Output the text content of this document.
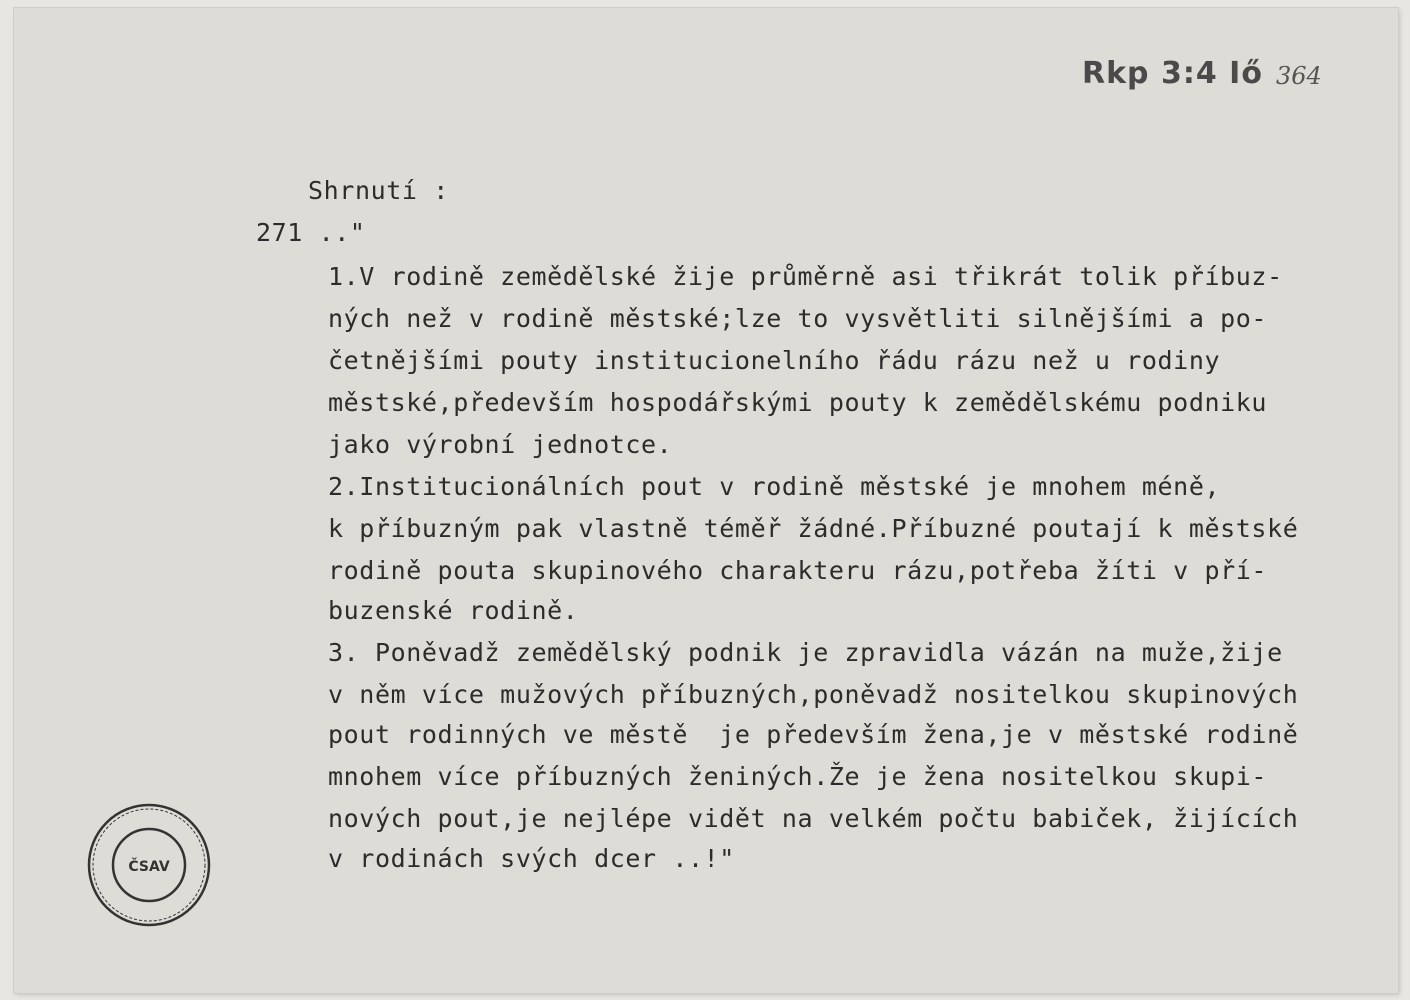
Rkp 3:4 Iő 364
Shrnutí :
271 .."
1.V rodině zemědělské žije průměrně asi třikrát tolik příbuz-
ných než v rodině městské;lze to vysvětliti silnějšími a po-
četnějšími pouty institucionelního řádu rázu než u rodiny
městské,především hospodářskými pouty k zemědělskému podniku
jako výrobní jednotce.
2.Institucionálních pout v rodině městské je mnohem méně,
k příbuzným pak vlastně téměř žádné.Příbuzné poutají k městské
rodině pouta skupinového charakteru rázu,potřeba žíti v pří-
buzenské rodině.
3. Poněvadž zemědělský podnik je zpravidla vázán na muže,žije
v něm více mužových příbuzných,poněvadž nositelkou skupinových
pout rodinných ve městě  je především žena,je v městské rodině
mnohem více příbuzných ženiných.Že je žena nositelkou skupi-
nových pout,je nejlépe vidět na velkém počtu babiček, žijících
v rodinách svých dcer ..!"
ČSAV
